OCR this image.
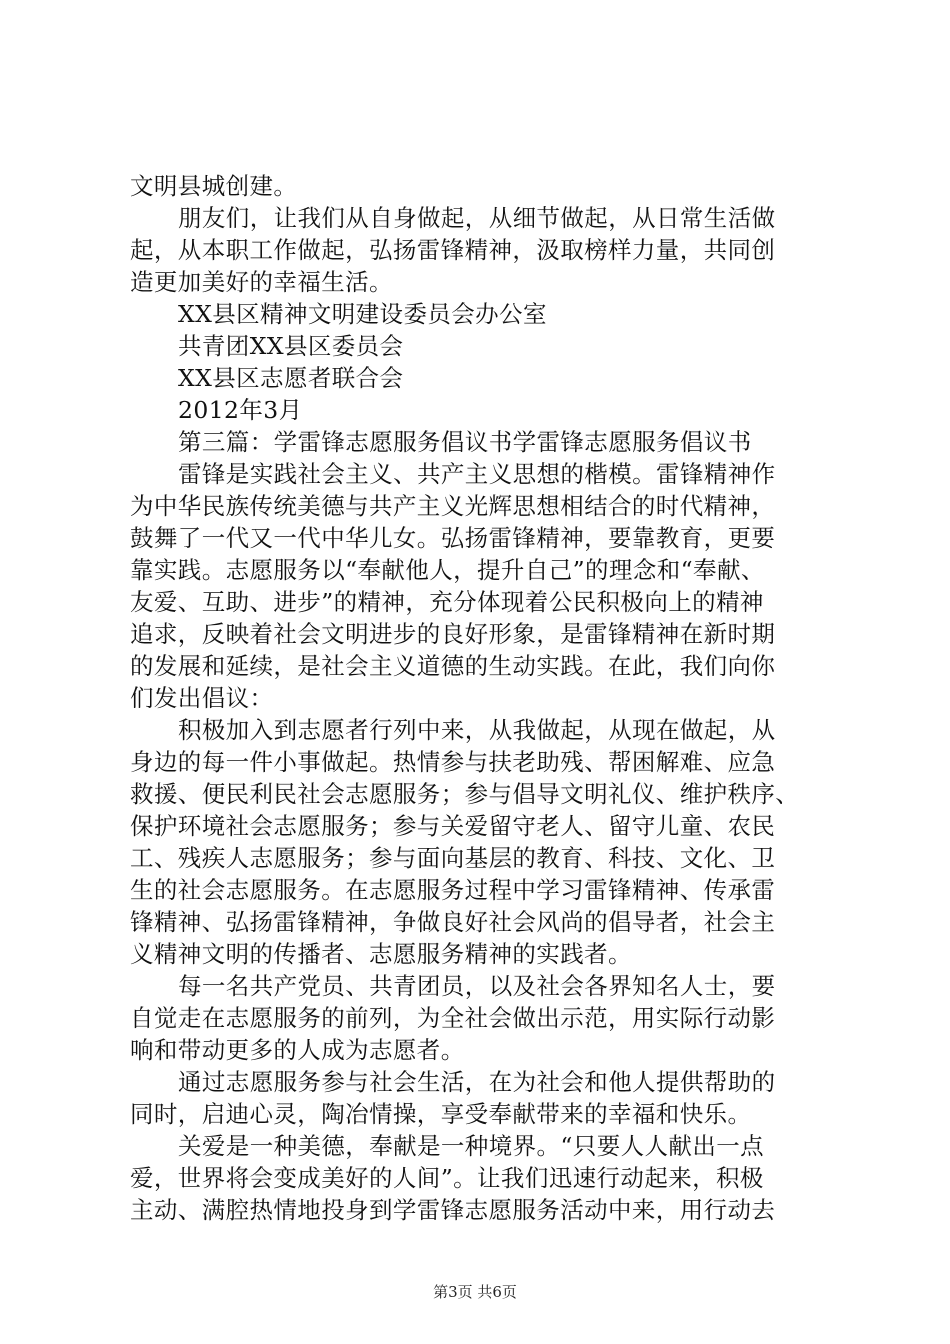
文明县城创建。
朋友们，让我们从自身做起，从细节做起，从日常生活做
起，从本职工作做起，弘扬雷锋精神，汲取榜样力量，共同创
造更加美好的幸福生活。
XX县区精神文明建设委员会办公室
共青团XX县区委员会
XX县区志愿者联合会
2012年3月
第三篇：学雷锋志愿服务倡议书学雷锋志愿服务倡议书
雷锋是实践社会主义、共产主义思想的楷模。雷锋精神作
为中华民族传统美德与共产主义光辉思想相结合的时代精神，
鼓舞了一代又一代中华儿女。弘扬雷锋精神，要靠教育，更要
靠实践。志愿服务以“奉献他人，提升自己”的理念和“奉献、
友爱、互助、进步”的精神，充分体现着公民积极向上的精神
追求，反映着社会文明进步的良好形象，是雷锋精神在新时期
的发展和延续，是社会主义道德的生动实践。在此，我们向你
们发出倡议：
积极加入到志愿者行列中来，从我做起，从现在做起，从
身边的每一件小事做起。热情参与扶老助残、帮困解难、应急
救援、便民利民社会志愿服务；参与倡导文明礼仪、维护秩序、
保护环境社会志愿服务；参与关爱留守老人、留守儿童、农民
工、残疾人志愿服务；参与面向基层的教育、科技、文化、卫
生的社会志愿服务。在志愿服务过程中学习雷锋精神、传承雷
锋精神、弘扬雷锋精神，争做良好社会风尚的倡导者，社会主
义精神文明的传播者、志愿服务精神的实践者。
每一名共产党员、共青团员，以及社会各界知名人士，要
自觉走在志愿服务的前列，为全社会做出示范，用实际行动影
响和带动更多的人成为志愿者。
通过志愿服务参与社会生活，在为社会和他人提供帮助的
同时，启迪心灵，陶冶情操，享受奉献带来的幸福和快乐。
关爱是一种美德，奉献是一种境界。“只要人人献出一点
爱，世界将会变成美好的人间”。让我们迅速行动起来，积极
主动、满腔热情地投身到学雷锋志愿服务活动中来，用行动去
第3页 共6页
